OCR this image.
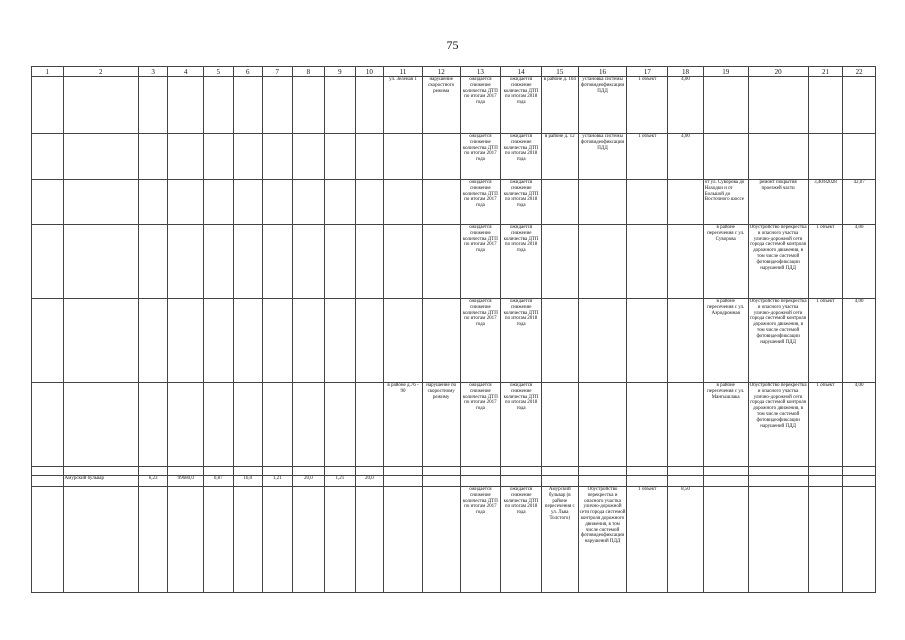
75
1	2	3	4	5	6	7	8	9	10	11	12	13	14	15	16	17	18	19	20	21	22
										ул. Зеленая 1	нарушение скоростного режима	ожидается снижение количества ДТП по итогам 2017 года	ожидается снижение количества ДТП по итогам 2018 года	в районе д. 104	установка системы фотовидеофиксации ПДД	1 объект	4,00				
												ожидается снижение количества ДТП по итогам 2017 года	ожидается снижение количества ДТП по итогам 2018 года	в районе д. 12	установка системы фотовидеофиксации ПДД	1 объект	4,00				
												ожидается снижение количества ДТП по итогам 2017 года	ожидается снижение количества ДТП по итогам 2018 года					от ул. Суворова до Находки и от Большой до Восточного шоссе	ремонт покрытия проезжей части	3,40/82028	42,07
												ожидается снижение количества ДТП по итогам 2017 года	ожидается снижение количества ДТП по итогам 2018 года					в районе пересечения с ул. Суворова	Обустройство перекрестка и опасного участка улично-дорожной сети города системой контроля дорожного движения, в том числе системой фотовидеофиксации нарушений ПДД	1 объект	4,00
												ожидается снижение количества ДТП по итогам 2017 года	ожидается снижение количества ДТП по итогам 2018 года					в районе пересечения с ул. Аэродромная	Обустройство перекрестка и опасного участка улично-дорожной сети города системой контроля дорожного движения, в том числе системой фотовидеофиксации нарушений ПДД	1 объект	4,00
										в районе д.76 - 90	нарушение по скоростному режиму	ожидается снижение количества ДТП по итогам 2017 года	ожидается снижение количества ДТП по итогам 2018 года					в районе пересечения с ул. Мангышлака	Обустройство перекрестка и опасного участка улично-дорожной сети города системой контроля дорожного движения, в том числе системой фотовидеофиксации нарушений ПДД	1 объект	4,00

	Амурский бульвар	6,23	99680,0	0,87	16,0	1,21	20,0	1,21	20,0												
												ожидается снижение количества ДТП по итогам 2017 года	ожидается снижение количества ДТП по итогам 2018 года	Амурский бульвар (в районе пересечения с ул. Льва Толстого)	Обустройство перекрестка и опасного участка улично-дорожной сети города системой контроля дорожного движения, в том числе системой фотовидеофиксации нарушений ПДД	1 объект	8,50				
